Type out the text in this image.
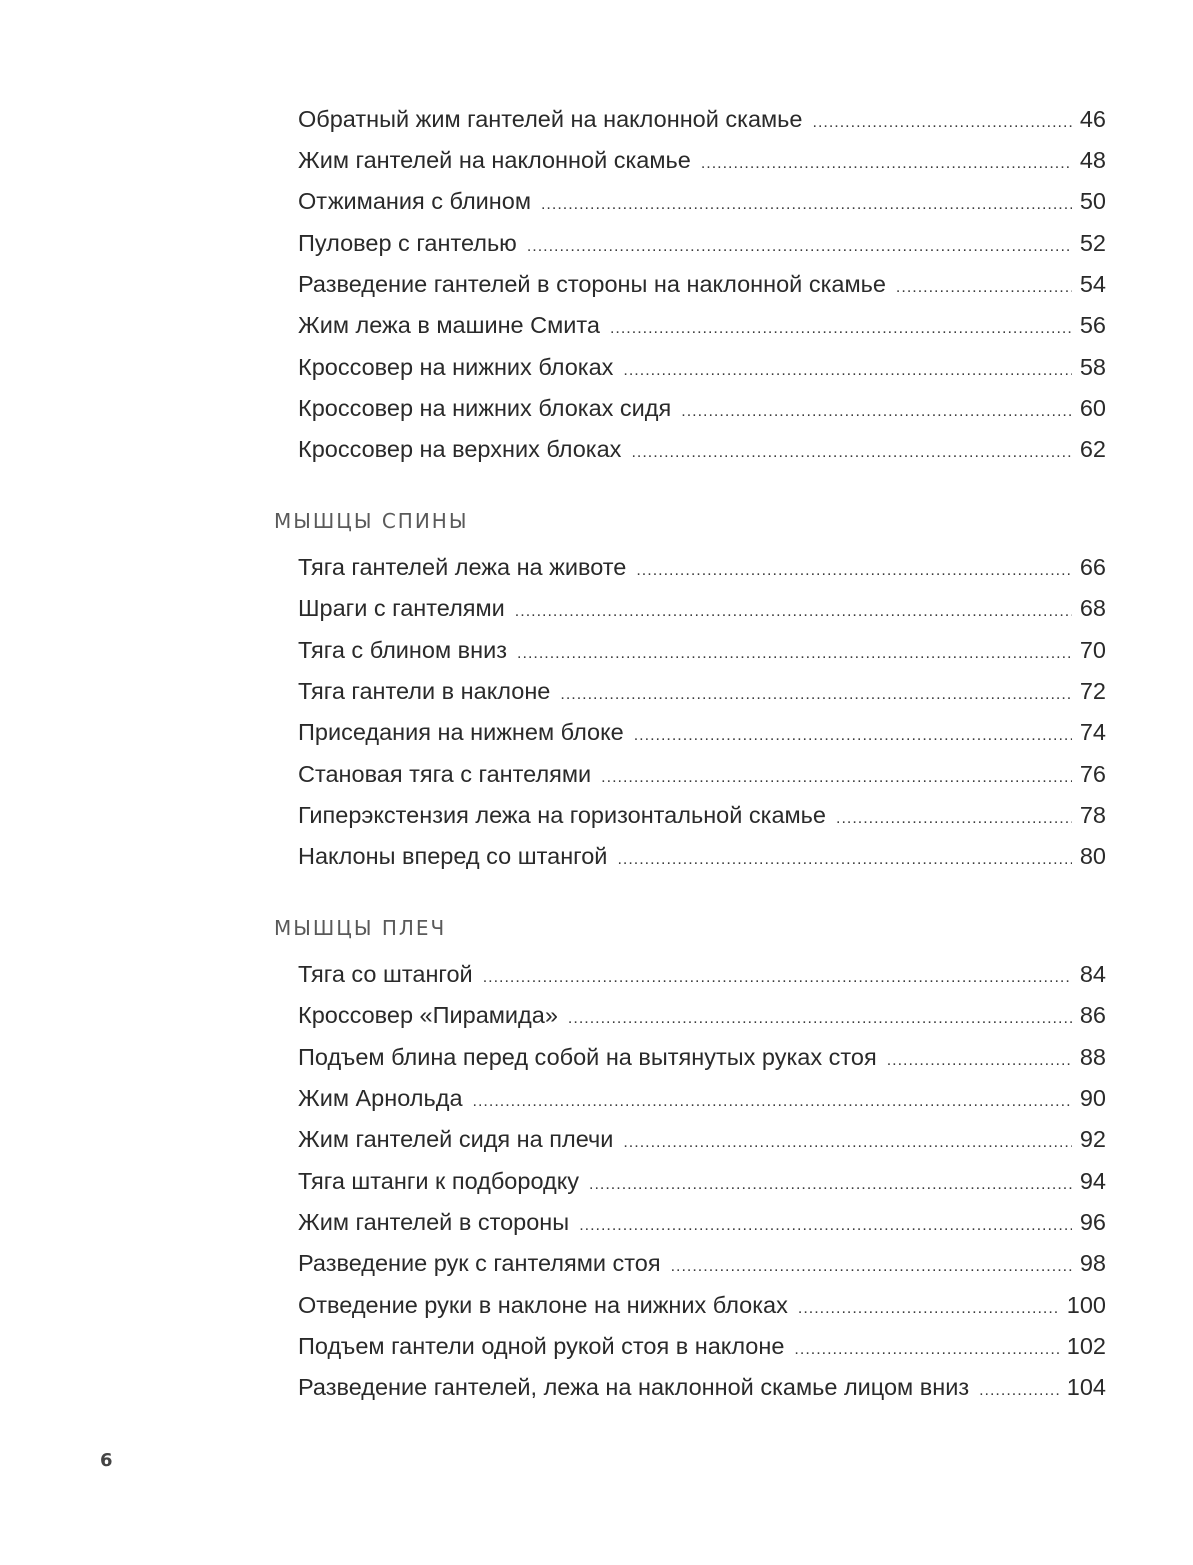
Обратный жим гантелей на наклонной скамье .....	46
Жим гантелей на наклонной скамье .....	48
Отжимания с блином .....	50
Пуловер с гантелью .....	52
Разведение гантелей в стороны на наклонной скамье .....	54
Жим лежа в машине Смита .....	56
Кроссовер на нижних блоках .....	58
Кроссовер на нижних блоках сидя .....	60
Кроссовер на верхних блоках .....	62
МЫШЦЫ СПИНЫ
Тяга гантелей лежа на животе .....	66
Шраги с гантелями .....	68
Тяга с блином вниз .....	70
Тяга гантели в наклоне .....	72
Приседания на нижнем блоке .....	74
Становая тяга с гантелями .....	76
Гиперэкстензия лежа на горизонтальной скамье .....	78
Наклоны вперед со штангой .....	80
МЫШЦЫ ПЛЕЧ
Тяга со штангой .....	84
Кроссовер «Пирамида» .....	86
Подъем блина перед собой на вытянутых руках стоя .....	88
Жим Арнольда .....	90
Жим гантелей сидя на плечи .....	92
Тяга штанги к подбородку .....	94
Жим гантелей в стороны .....	96
Разведение рук с гантелями стоя .....	98
Отведение руки в наклоне на нижних блоках .....	100
Подъем гантели одной рукой стоя в наклоне .....	102
Разведение гантелей, лежа на наклонной скамье лицом вниз .....	104
6
